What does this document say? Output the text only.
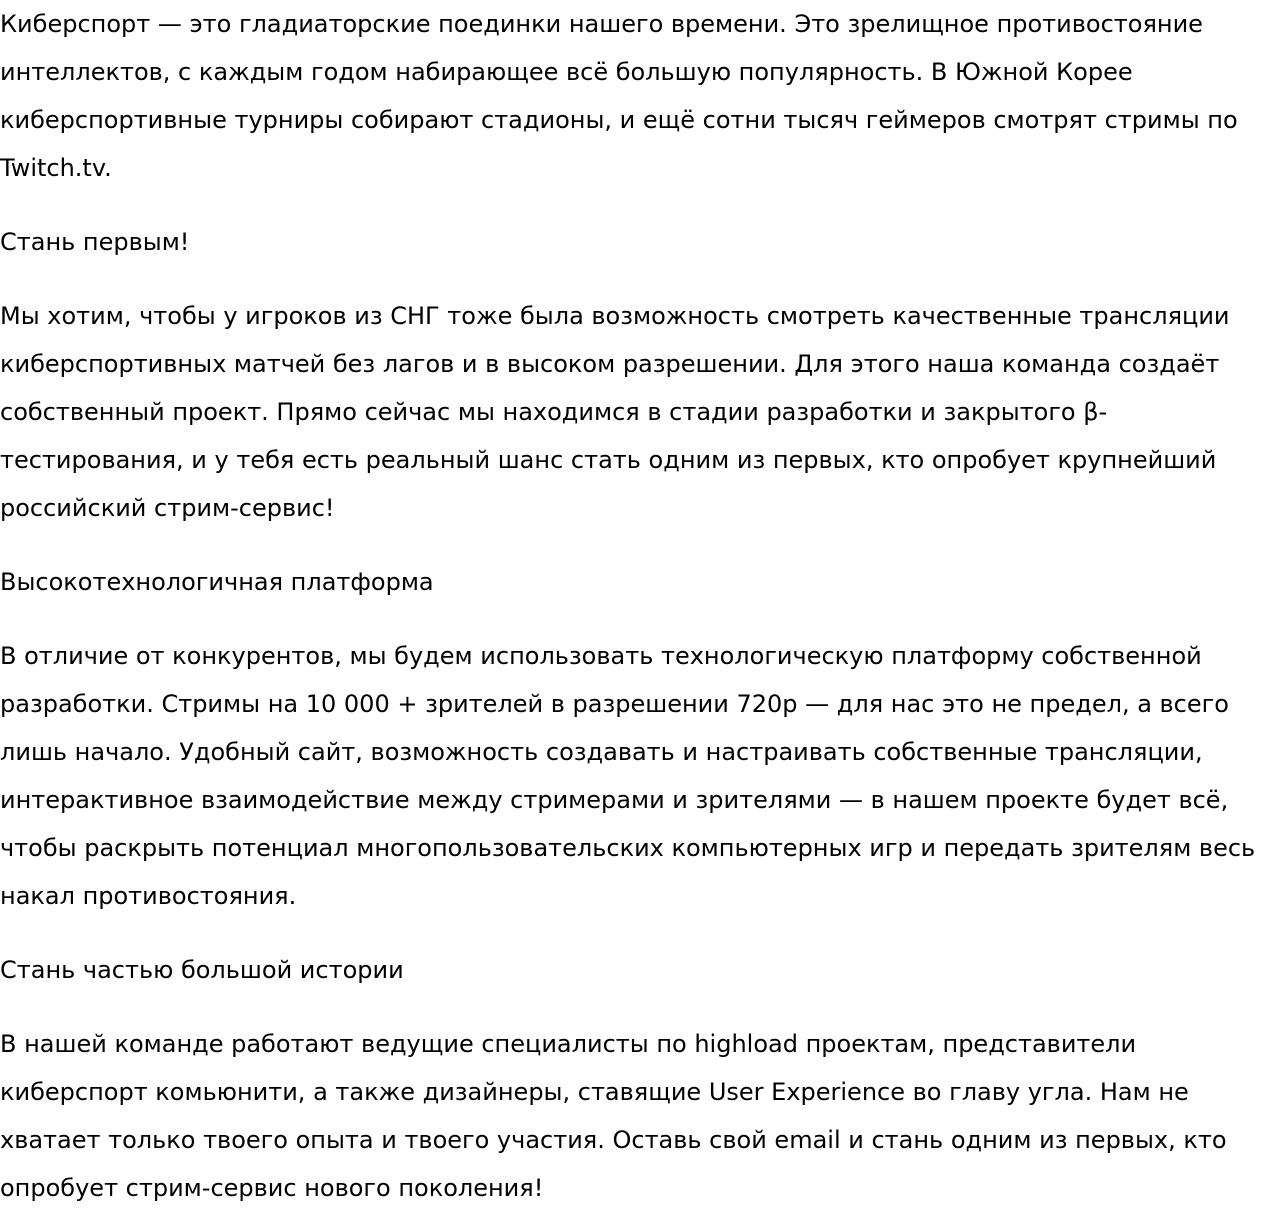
Киберспорт — это гладиаторские поединки нашего времени. Это зрелищное противостояние интеллектов, с каждым годом набирающее всё большую популярность. В Южной Корее киберспортивные турниры собирают стадионы, и ещё сотни тысяч геймеров смотрят стримы по Twitch.tv.

Стань первым!

Мы хотим, чтобы у игроков из СНГ тоже была возможность смотреть качественные трансляции киберспортивных матчей без лагов и в высоком разрешении. Для этого наша команда создаёт собственный проект. Прямо сейчас мы находимся в стадии разработки и закрытого β-тестирования, и у тебя есть реальный шанс стать одним из первых, кто опробует крупнейший российский стрим-сервис!

Высокотехнологичная платформа

В отличие от конкурентов, мы будем использовать технологическую платформу собственной разработки. Стримы на 10 000 + зрителей в разрешении 720p — для нас это не предел, а всего лишь начало. Удобный сайт, возможность создавать и настраивать собственные трансляции, интерактивное взаимодействие между стримерами и зрителями — в нашем проекте будет всё, чтобы раскрыть потенциал многопользовательских компьютерных игр и передать зрителям весь накал противостояния.

Стань частью большой истории

В нашей команде работают ведущие специалисты по highload проектам, представители киберспорт комьюнити, а также дизайнеры, ставящие User Experience во главу угла. Нам не хватает только твоего опыта и твоего участия. Оставь свой email и стань одним из первых, кто опробует стрим-сервис нового поколения!
